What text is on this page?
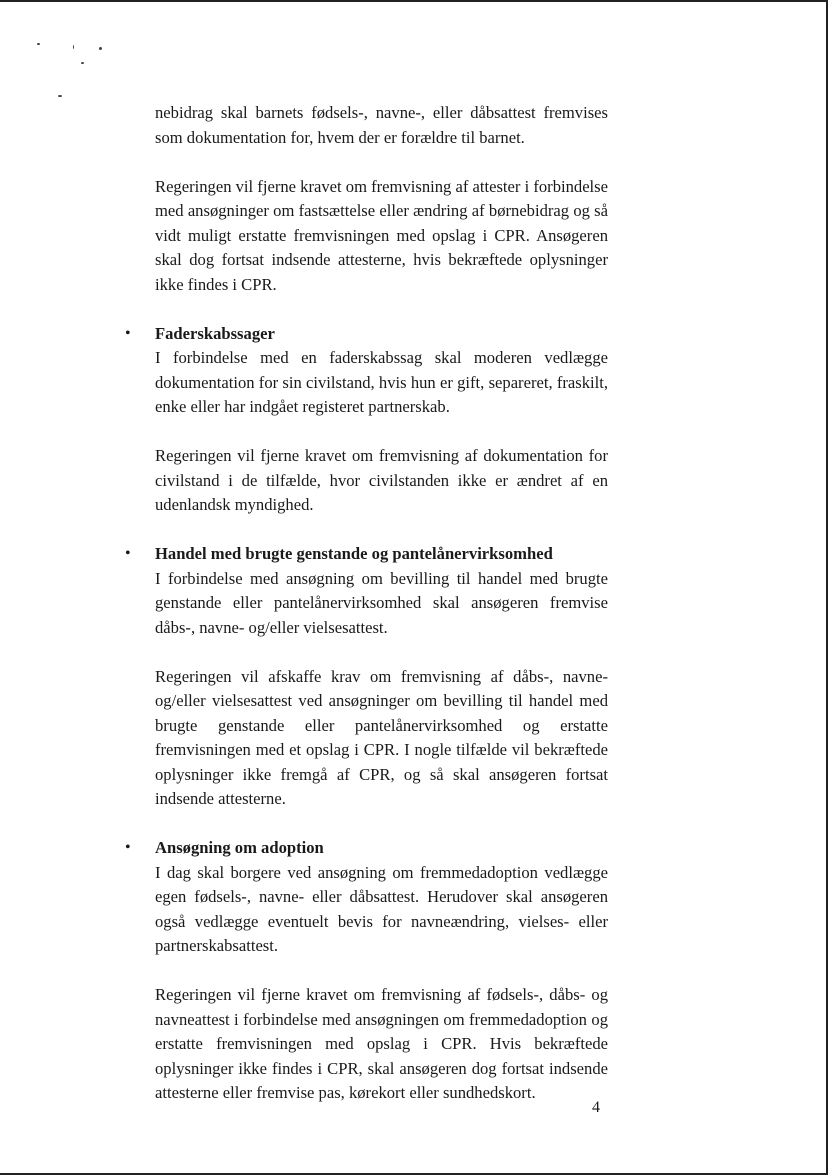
nebidrag skal barnets fødsels-, navne-, eller dåbsattest fremvises som dokumentation for, hvem der er forældre til barnet.

Regeringen vil fjerne kravet om fremvisning af attester i forbindelse med ansøgninger om fastsættelse eller ændring af børnebidrag og så vidt muligt erstatte fremvisningen med opslag i CPR. Ansøgeren skal dog fortsat indsende attesterne, hvis bekræftede oplysninger ikke findes i CPR.

• Faderskabssager

I forbindelse med en faderskabssag skal moderen vedlægge dokumentation for sin civilstand, hvis hun er gift, separeret, fraskilt, enke eller har indgået registeret partnerskab.

Regeringen vil fjerne kravet om fremvisning af dokumentation for civilstand i de tilfælde, hvor civilstanden ikke er ændret af en udenlandsk myndighed.

• Handel med brugte genstande og pantelånervirksomhed

I forbindelse med ansøgning om bevilling til handel med brugte genstande eller pantelånervirksomhed skal ansøgeren fremvise dåbs-, navne- og/eller vielsesattest.

Regeringen vil afskaffe krav om fremvisning af dåbs-, navne- og/eller vielsesattest ved ansøgninger om bevilling til handel med brugte genstande eller pantelånervirksomhed og erstatte fremvisningen med et opslag i CPR. I nogle tilfælde vil bekræftede oplysninger ikke fremgå af CPR, og så skal ansøgeren fortsat indsende attesterne.

• Ansøgning om adoption

I dag skal borgere ved ansøgning om fremmedadoption vedlægge egen fødsels-, navne- eller dåbsattest. Herudover skal ansøgeren også vedlægge eventuelt bevis for navneændring, vielses- eller partnerskabsattest.

Regeringen vil fjerne kravet om fremvisning af fødsels-, dåbs- og navneattest i forbindelse med ansøgningen om fremmedadoption og erstatte fremvisningen med opslag i CPR. Hvis bekræftede oplysninger ikke findes i CPR, skal ansøgeren dog fortsat indsende attesterne eller fremvise pas, kørekort eller sundhedskort.

4
